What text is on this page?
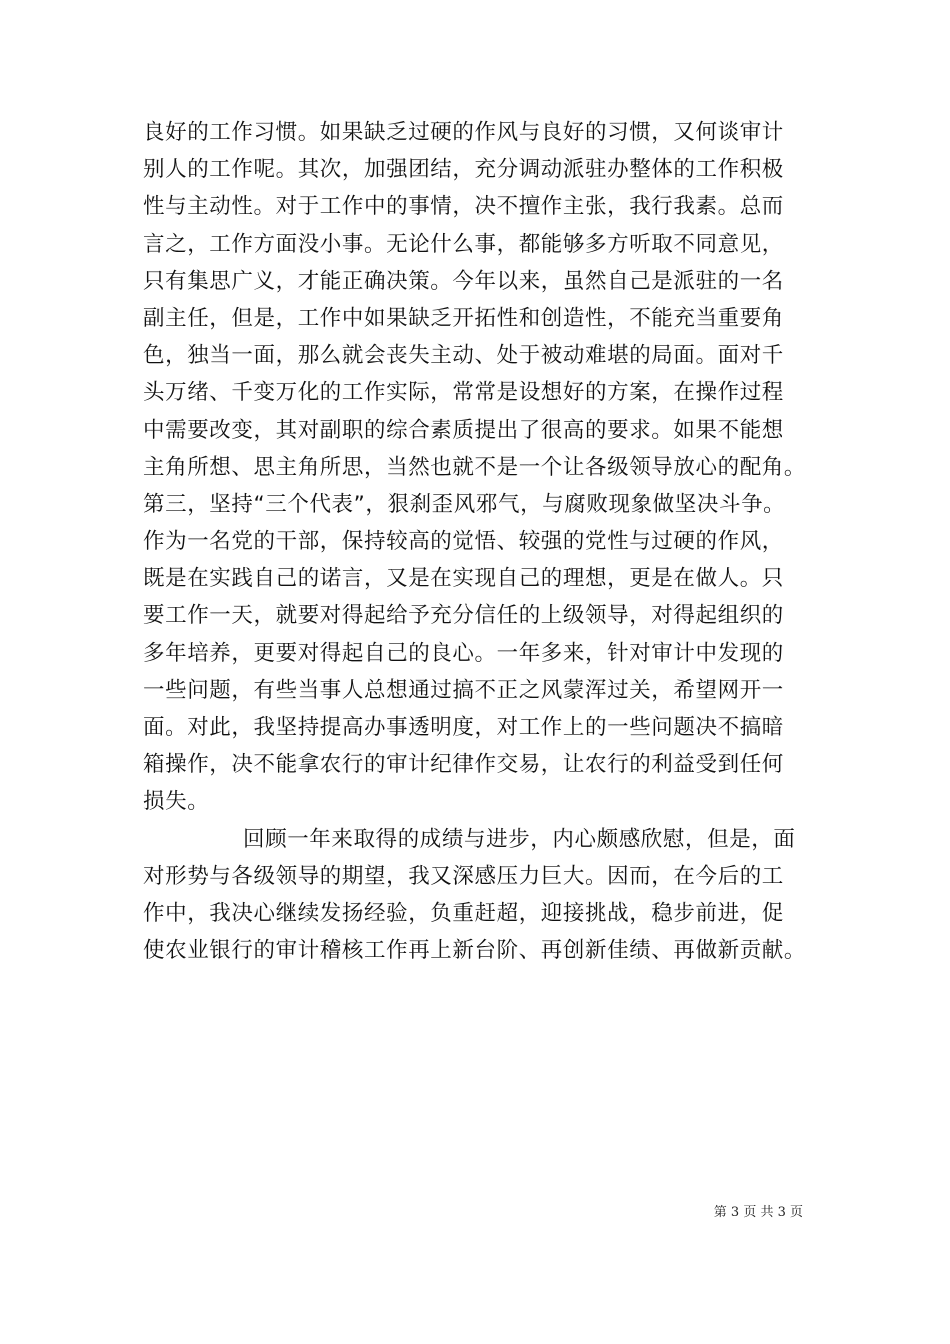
良好的工作习惯。如果缺乏过硬的作风与良好的习惯，又何谈审计
别人的工作呢。其次，加强团结，充分调动派驻办整体的工作积极
性与主动性。对于工作中的事情，决不擅作主张，我行我素。总而
言之，工作方面没小事。无论什么事，都能够多方听取不同意见，
只有集思广义，才能正确决策。今年以来，虽然自己是派驻的一名
副主任，但是，工作中如果缺乏开拓性和创造性，不能充当重要角
色，独当一面，那么就会丧失主动、处于被动难堪的局面。面对千
头万绪、千变万化的工作实际，常常是设想好的方案，在操作过程
中需要改变，其对副职的综合素质提出了很高的要求。如果不能想
主角所想、思主角所思，当然也就不是一个让各级领导放心的配角。
第三，坚持“三个代表”，狠刹歪风邪气，与腐败现象做坚决斗争。
作为一名党的干部，保持较高的觉悟、较强的党性与过硬的作风，
既是在实践自己的诺言，又是在实现自己的理想，更是在做人。只
要工作一天，就要对得起给予充分信任的上级领导，对得起组织的
多年培养，更要对得起自己的良心。一年多来，针对审计中发现的
一些问题，有些当事人总想通过搞不正之风蒙浑过关，希望网开一
面。对此，我坚持提高办事透明度，对工作上的一些问题决不搞暗
箱操作，决不能拿农行的审计纪律作交易，让农行的利益受到任何
损失。
回顾一年来取得的成绩与进步，内心颇感欣慰，但是，面
对形势与各级领导的期望，我又深感压力巨大。因而，在今后的工
作中，我决心继续发扬经验，负重赶超，迎接挑战，稳步前进，促
使农业银行的审计稽核工作再上新台阶、再创新佳绩、再做新贡献。
第 3 页 共 3 页
